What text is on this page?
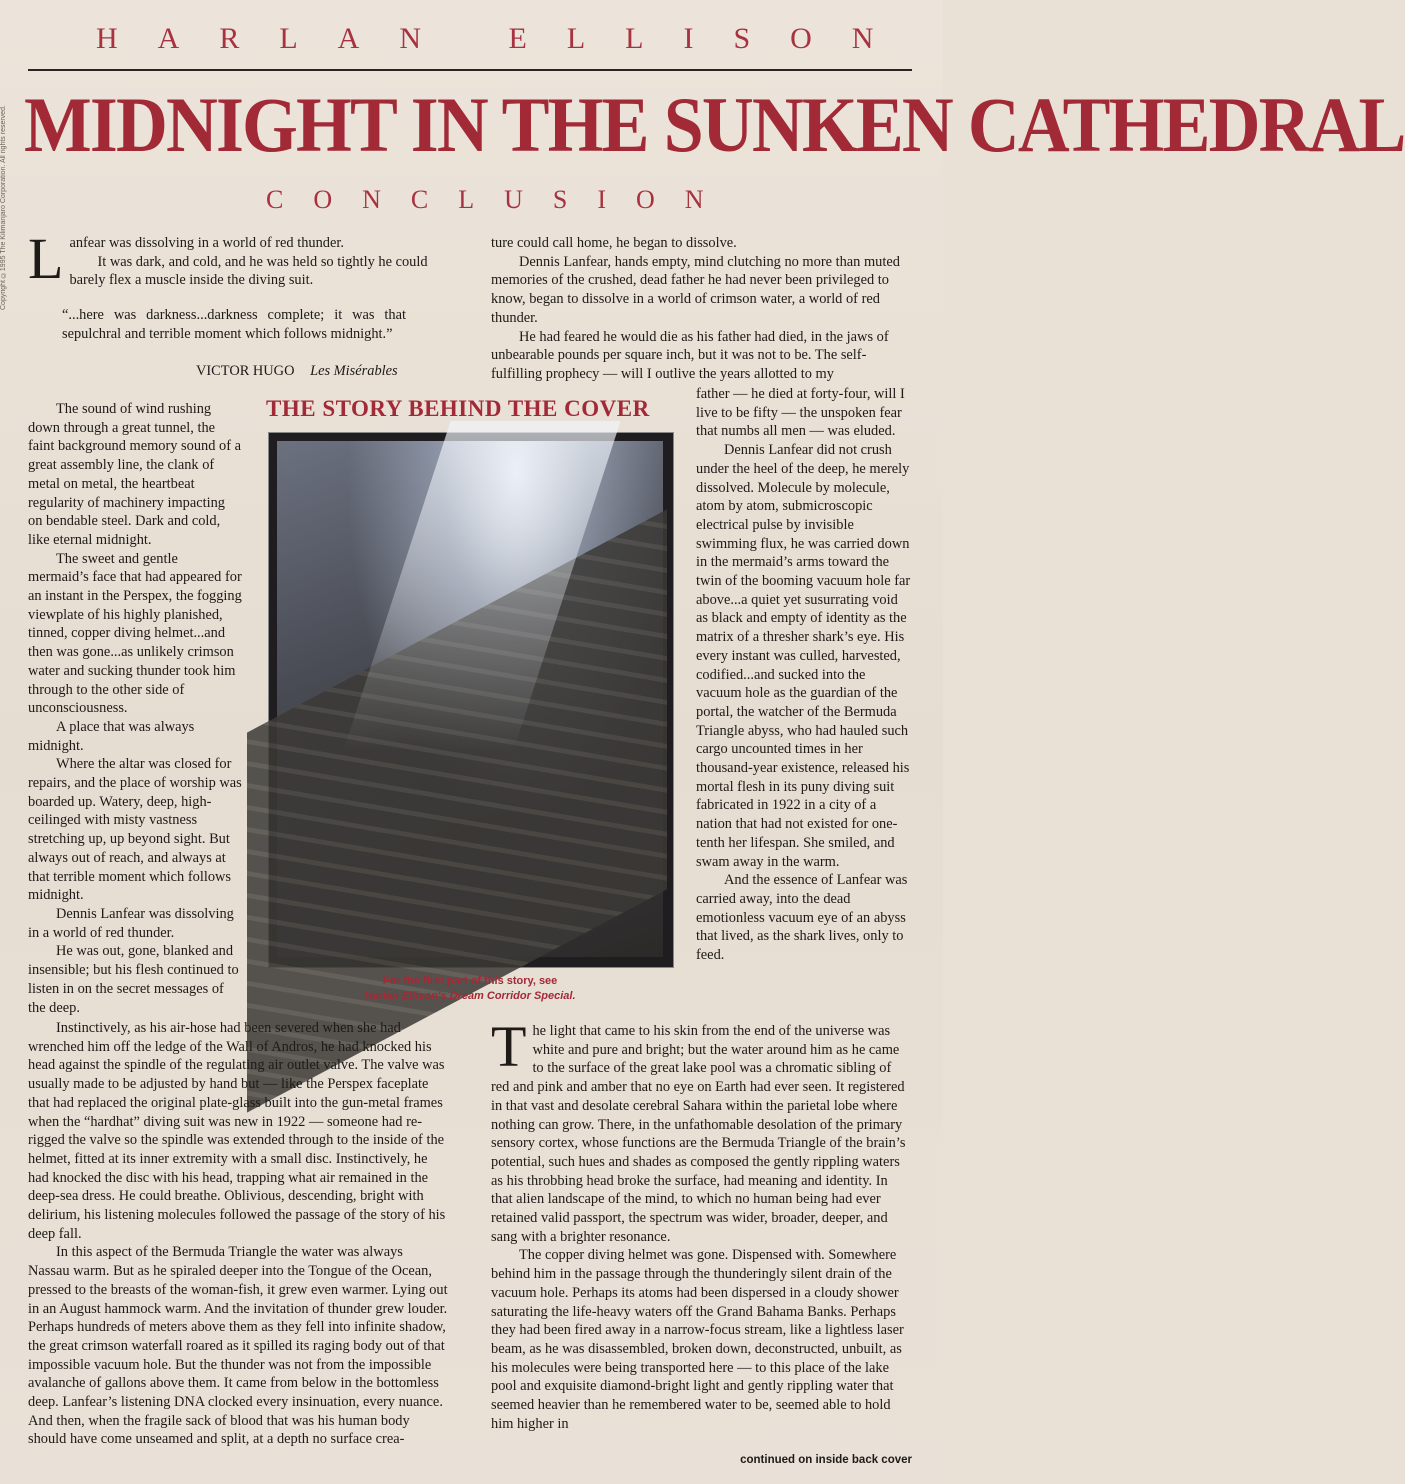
Copyright ©1995 The Kilimanjaro Corporation. All rights reserved.
HARLAN ELLISON
MIDNIGHT IN THE SUNKEN CATHEDRAL
CONCLUSION

L anfear was dissolving in a world of red thunder.

It was dark, and cold, and he was held so tightly he could barely flex a muscle inside the diving suit.

“...here was darkness...darkness complete; it was that sepulchral and terrible moment which follows midnight.”
VICTOR HUGO Les Misérables

The sound of wind rushing down through a great tunnel, the faint background memory sound of a great assembly line, the clank of metal on metal, the heartbeat regularity of machinery impacting on bendable steel. Dark and cold, like eternal midnight.

The sweet and gentle mermaid’s face that had appeared for an instant in the Perspex, the fogging viewplate of his highly planished, tinned, copper diving helmet...and then was gone...as unlikely crimson water and sucking thunder took him through to the other side of unconsciousness.

A place that was always midnight.

Where the altar was closed for repairs, and the place of worship was boarded up. Watery, deep, high-ceilinged with misty vastness stretching up, up beyond sight. But always out of reach, and always at that terrible moment which follows midnight.

Dennis Lanfear was dissolving in a world of red thunder.

He was out, gone, blanked and insensible; but his flesh continued to listen in on the secret messages of the deep.

THE STORY BEHIND THE COVER
For the first part of this story, see
Harlan Ellison's Dream Corridor Special.

Instinctively, as his air-hose had been severed when she had wrenched him off the ledge of the Wall of Andros, he had knocked his head against the spindle of the regulating air outlet valve. The valve was usually made to be adjusted by hand but — like the Perspex faceplate that had replaced the original plate-glass built into the gun-metal frames when the “hardhat” diving suit was new in 1922 — someone had re-rigged the valve so the spindle was extended through to the inside of the helmet, fitted at its inner extremity with a small disc. Instinctively, he had knocked the disc with his head, trapping what air remained in the deep-sea dress. He could breathe. Oblivious, descending, bright with delirium, his listening molecules followed the passage of the story of his deep fall.

In this aspect of the Bermuda Triangle the water was always Nassau warm. But as he spiraled deeper into the Tongue of the Ocean, pressed to the breasts of the woman-fish, it grew even warmer. Lying out in an August hammock warm. And the invitation of thunder grew louder. Perhaps hundreds of meters above them as they fell into infinite shadow, the great crimson waterfall roared as it spilled its raging body out of that impossible vacuum hole. But the thunder was not from the impossible avalanche of gallons above them. It came from below in the bottomless deep. Lanfear’s listening DNA clocked every insinuation, every nuance. And then, when the fragile sack of blood that was his human body should have come unseamed and split, at a depth no surface crea-

ture could call home, he began to dissolve.

Dennis Lanfear, hands empty, mind clutching no more than muted memories of the crushed, dead father he had never been privileged to know, began to dissolve in a world of crimson water, a world of red thunder.

He had feared he would die as his father had died, in the jaws of unbearable pounds per square inch, but it was not to be. The self-fulfilling prophecy — will I outlive the years allotted to my

father — he died at forty-four, will I live to be fifty — the unspoken fear that numbs all men — was eluded.

Dennis Lanfear did not crush under the heel of the deep, he merely dissolved. Molecule by molecule, atom by atom, submicroscopic electrical pulse by invisible swimming flux, he was carried down in the mermaid’s arms toward the twin of the booming vacuum hole far above...a quiet yet susurrating void as black and empty of identity as the matrix of a thresher shark’s eye. His every instant was culled, harvested, codified...and sucked into the vacuum hole as the guardian of the portal, the watcher of the Bermuda Triangle abyss, who had hauled such cargo uncounted times in her thousand-year existence, released his mortal flesh in its puny diving suit fabricated in 1922 in a city of a nation that had not existed for one-tenth her lifespan. She smiled, and swam away in the warm.

And the essence of Lanfear was carried away, into the dead emotionless vacuum eye of an abyss that lived, as the shark lives, only to feed.

T he light that came to his skin from the end of the universe was white and pure and bright; but the water around him as he came to the surface of the great lake pool was a chromatic sibling of red and pink and amber that no eye on Earth had ever seen. It registered in that vast and desolate cerebral Sahara within the parietal lobe where nothing can grow. There, in the unfathomable desolation of the primary sensory cortex, whose functions are the Bermuda Triangle of the brain’s potential, such hues and shades as composed the gently rippling waters as his throbbing head broke the surface, had meaning and identity. In that alien landscape of the mind, to which no human being had ever retained valid passport, the spectrum was wider, broader, deeper, and sang with a brighter resonance.

The copper diving helmet was gone. Dispensed with. Somewhere behind him in the passage through the thunderingly silent drain of the vacuum hole. Perhaps its atoms had been dispersed in a cloudy shower saturating the life-heavy waters off the Grand Bahama Banks. Perhaps they had been fired away in a narrow-focus stream, like a lightless laser beam, as he was disassembled, broken down, deconstructed, unbuilt, as his molecules were being transported here — to this place of the lake pool and exquisite diamond-bright light and gently rippling water that seemed heavier than he remembered water to be, seemed able to hold him higher in

continued on inside back cover
